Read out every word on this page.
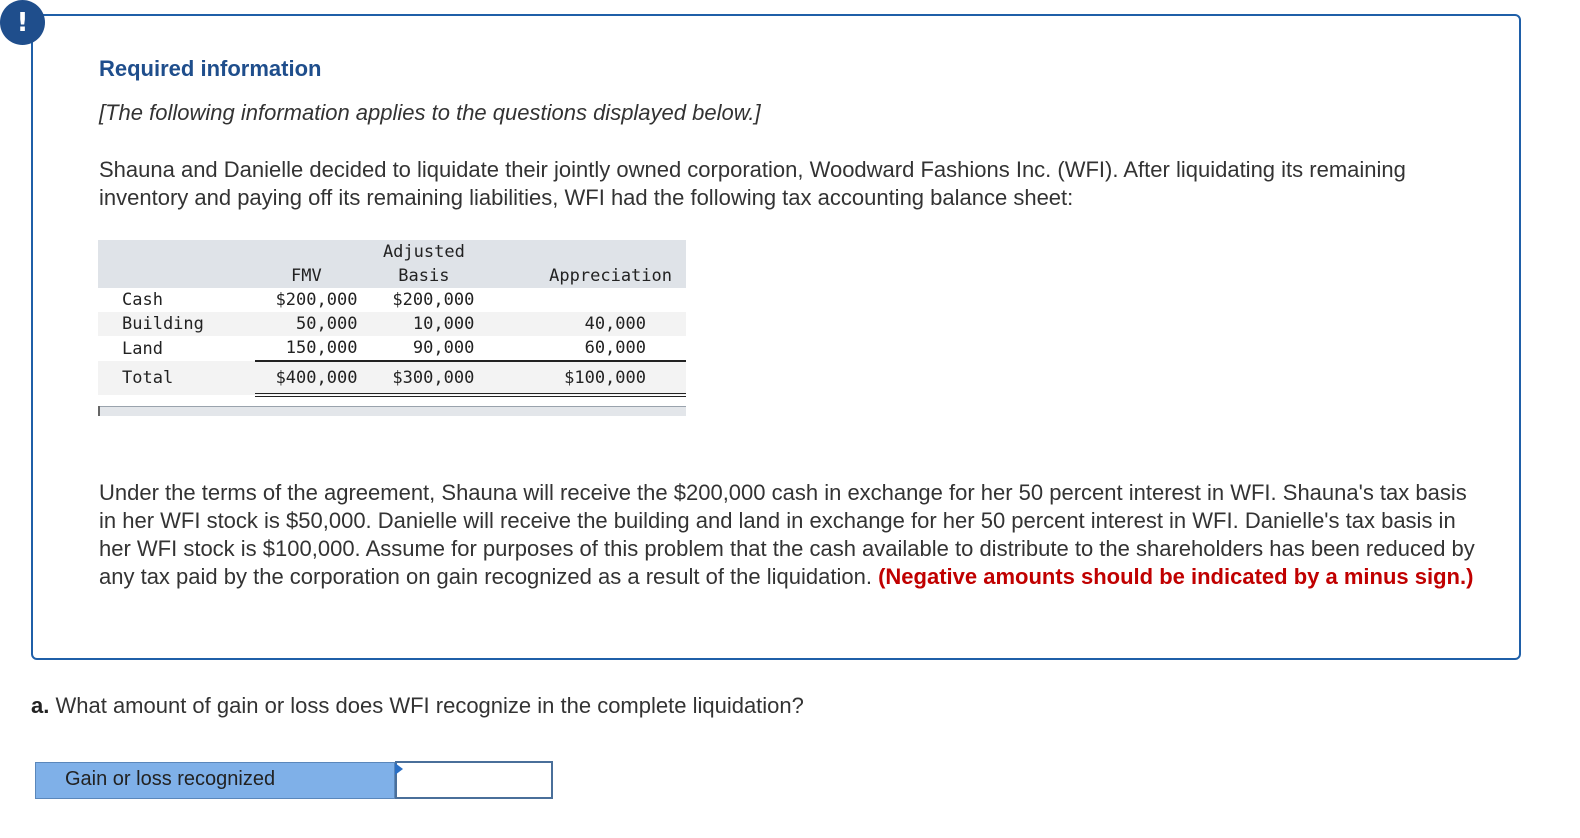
!
Required information

[The following information applies to the questions displayed below.]

Shauna and Danielle decided to liquidate their jointly owned corporation, Woodward Fashions Inc. (WFI). After liquidating its remaining inventory and paying off its remaining liabilities, WFI had the following tax accounting balance sheet:

		Adjusted	
	FMV	Basis	Appreciation
Cash	$200,000	$200,000	
Building	50,000	10,000	40,000
Land	150,000	90,000	60,000
Total	$400,000	$300,000	$100,000

Under the terms of the agreement, Shauna will receive the $200,000 cash in exchange for her 50 percent interest in WFI. Shauna's tax basis in her WFI stock is $50,000. Danielle will receive the building and land in exchange for her 50 percent interest in WFI. Danielle's tax basis in her WFI stock is $100,000. Assume for purposes of this problem that the cash available to distribute to the shareholders has been reduced by any tax paid by the corporation on gain recognized as a result of the liquidation. (Negative amounts should be indicated by a minus sign.)

a. What amount of gain or loss does WFI recognize in the complete liquidation?

Gain or loss recognized
